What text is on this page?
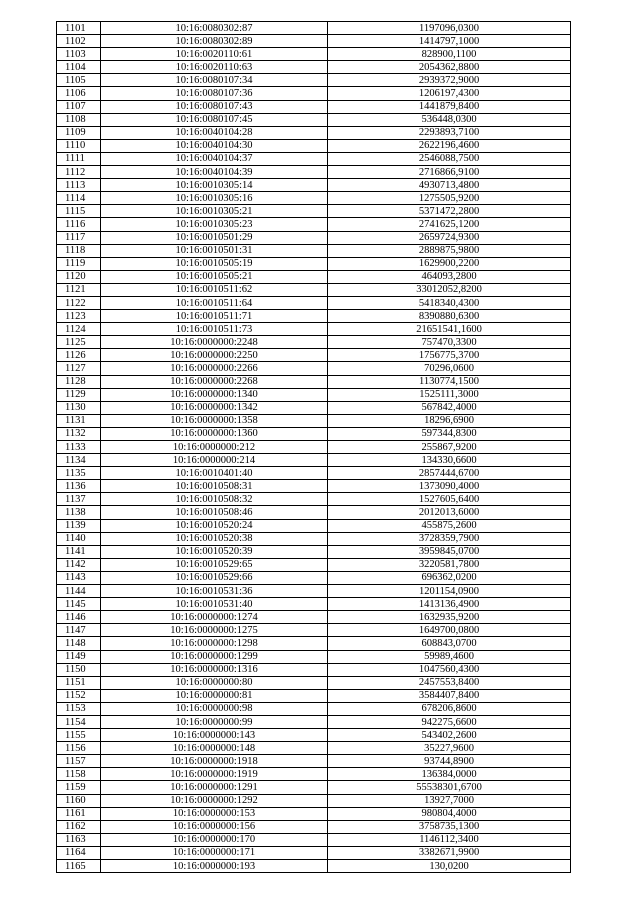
1101	10:16:0080302:87	1197096,0300
1102	10:16:0080302:89	1414797,1000
1103	10:16:0020110:61	828900,1100
1104	10:16:0020110:63	2054362,8800
1105	10:16:0080107:34	2939372,9000
1106	10:16:0080107:36	1206197,4300
1107	10:16:0080107:43	1441879,8400
1108	10:16:0080107:45	536448,0300
1109	10:16:0040104:28	2293893,7100
1110	10:16:0040104:30	2622196,4600
1111	10:16:0040104:37	2546088,7500
1112	10:16:0040104:39	2716866,9100
1113	10:16:0010305:14	4930713,4800
1114	10:16:0010305:16	1275505,9200
1115	10:16:0010305:21	5371472,2800
1116	10:16:0010305:23	2741625,1200
1117	10:16:0010501:29	2659724,9300
1118	10:16:0010501:31	2889875,9800
1119	10:16:0010505:19	1629900,2200
1120	10:16:0010505:21	464093,2800
1121	10:16:0010511:62	33012052,8200
1122	10:16:0010511:64	5418340,4300
1123	10:16:0010511:71	8390880,6300
1124	10:16:0010511:73	21651541,1600
1125	10:16:0000000:2248	757470,3300
1126	10:16:0000000:2250	1756775,3700
1127	10:16:0000000:2266	70296,0600
1128	10:16:0000000:2268	1130774,1500
1129	10:16:0000000:1340	1525111,3000
1130	10:16:0000000:1342	567842,4000
1131	10:16:0000000:1358	18296,6900
1132	10:16:0000000:1360	597344,8300
1133	10:16:0000000:212	255867,9200
1134	10:16:0000000:214	134330,6600
1135	10:16:0010401:40	2857444,6700
1136	10:16:0010508:31	1373090,4000
1137	10:16:0010508:32	1527605,6400
1138	10:16:0010508:46	2012013,6000
1139	10:16:0010520:24	455875,2600
1140	10:16:0010520:38	3728359,7900
1141	10:16:0010520:39	3959845,0700
1142	10:16:0010529:65	3220581,7800
1143	10:16:0010529:66	696362,0200
1144	10:16:0010531:36	1201154,0900
1145	10:16:0010531:40	1413136,4900
1146	10:16:0000000:1274	1632935,9200
1147	10:16:0000000:1275	1649700,0800
1148	10:16:0000000:1298	608843,0700
1149	10:16:0000000:1299	59989,4600
1150	10:16:0000000:1316	1047560,4300
1151	10:16:0000000:80	2457553,8400
1152	10:16:0000000:81	3584407,8400
1153	10:16:0000000:98	678206,8600
1154	10:16:0000000:99	942275,6600
1155	10:16:0000000:143	543402,2600
1156	10:16:0000000:148	35227,9600
1157	10:16:0000000:1918	93744,8900
1158	10:16:0000000:1919	136384,0000
1159	10:16:0000000:1291	55538301,6700
1160	10:16:0000000:1292	13927,7000
1161	10:16:0000000:153	980804,4000
1162	10:16:0000000:156	3758735,1300
1163	10:16:0000000:170	1146112,3400
1164	10:16:0000000:171	3382671,9900
1165	10:16:0000000:193	130,0200
